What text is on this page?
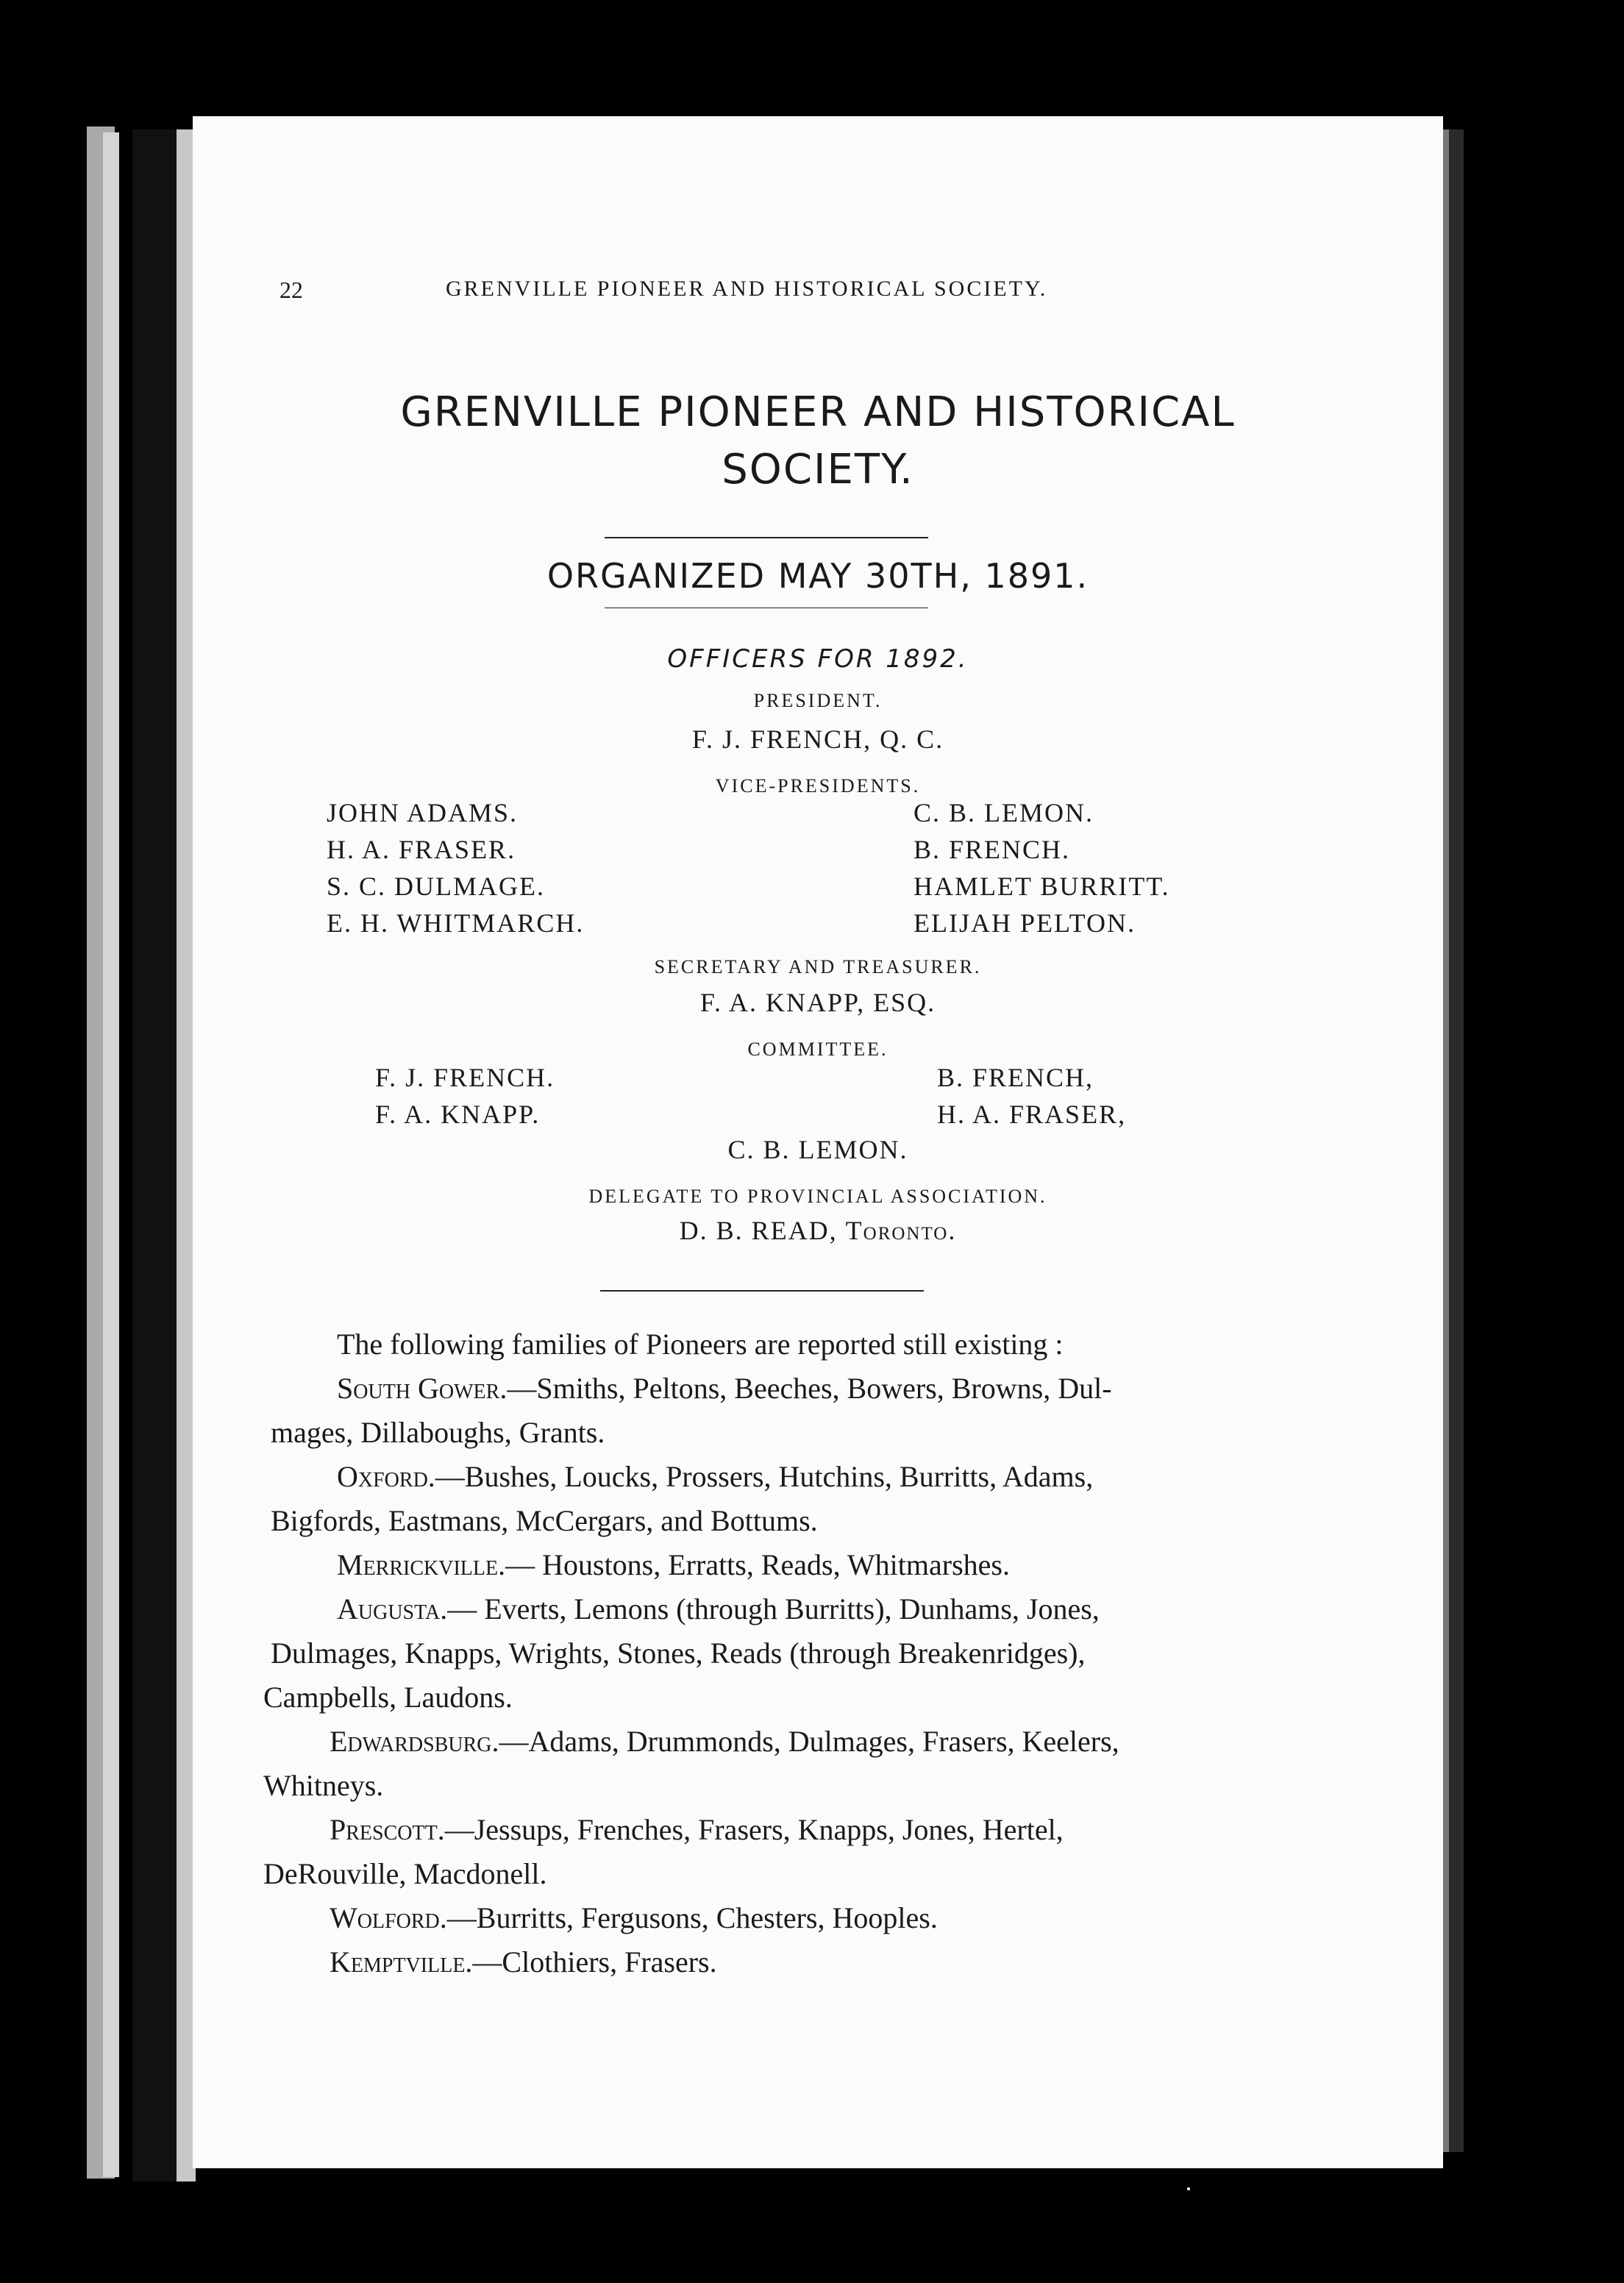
22	GRENVILLE PIONEER AND HISTORICAL SOCIETY.
GRENVILLE PIONEER AND HISTORICAL
SOCIETY.
ORGANIZED MAY 30TH, 1891.
OFFICERS FOR 1892.
PRESIDENT.
F. J. FRENCH, Q. C.
VICE-PRESIDENTS.
JOHN ADAMS.
H. A. FRASER.
S. C. DULMAGE.
E. H. WHITMARCH.
C. B. LEMON.
B. FRENCH.
HAMLET BURRITT.
ELIJAH PELTON.
SECRETARY AND TREASURER.
F. A. KNAPP, ESQ.
COMMITTEE.
F. J. FRENCH.
F. A. KNAPP.
B. FRENCH,
H. A. FRASER,
C. B. LEMON.
DELEGATE TO PROVINCIAL ASSOCIATION.
D. B. READ, Toronto.
The following families of Pioneers are reported still existing :
South Gower.—Smiths, Peltons, Beeches, Bowers, Browns, Dul-
mages, Dillaboughs, Grants.
Oxford.—Bushes, Loucks, Prossers, Hutchins, Burritts, Adams,
Bigfords, Eastmans, McCergars, and Bottums.
Merrickville.— Houstons, Erratts, Reads, Whitmarshes.
Augusta.— Everts, Lemons (through Burritts), Dunhams, Jones,
Dulmages, Knapps, Wrights, Stones, Reads (through Breakenridges),
Campbells, Laudons.
Edwardsburg.—Adams, Drummonds, Dulmages, Frasers, Keelers,
Whitneys.
Prescott.—Jessups, Frenches, Frasers, Knapps, Jones, Hertel,
DeRouville, Macdonell.
Wolford.—Burritts, Fergusons, Chesters, Hooples.
Kemptville.—Clothiers, Frasers.
